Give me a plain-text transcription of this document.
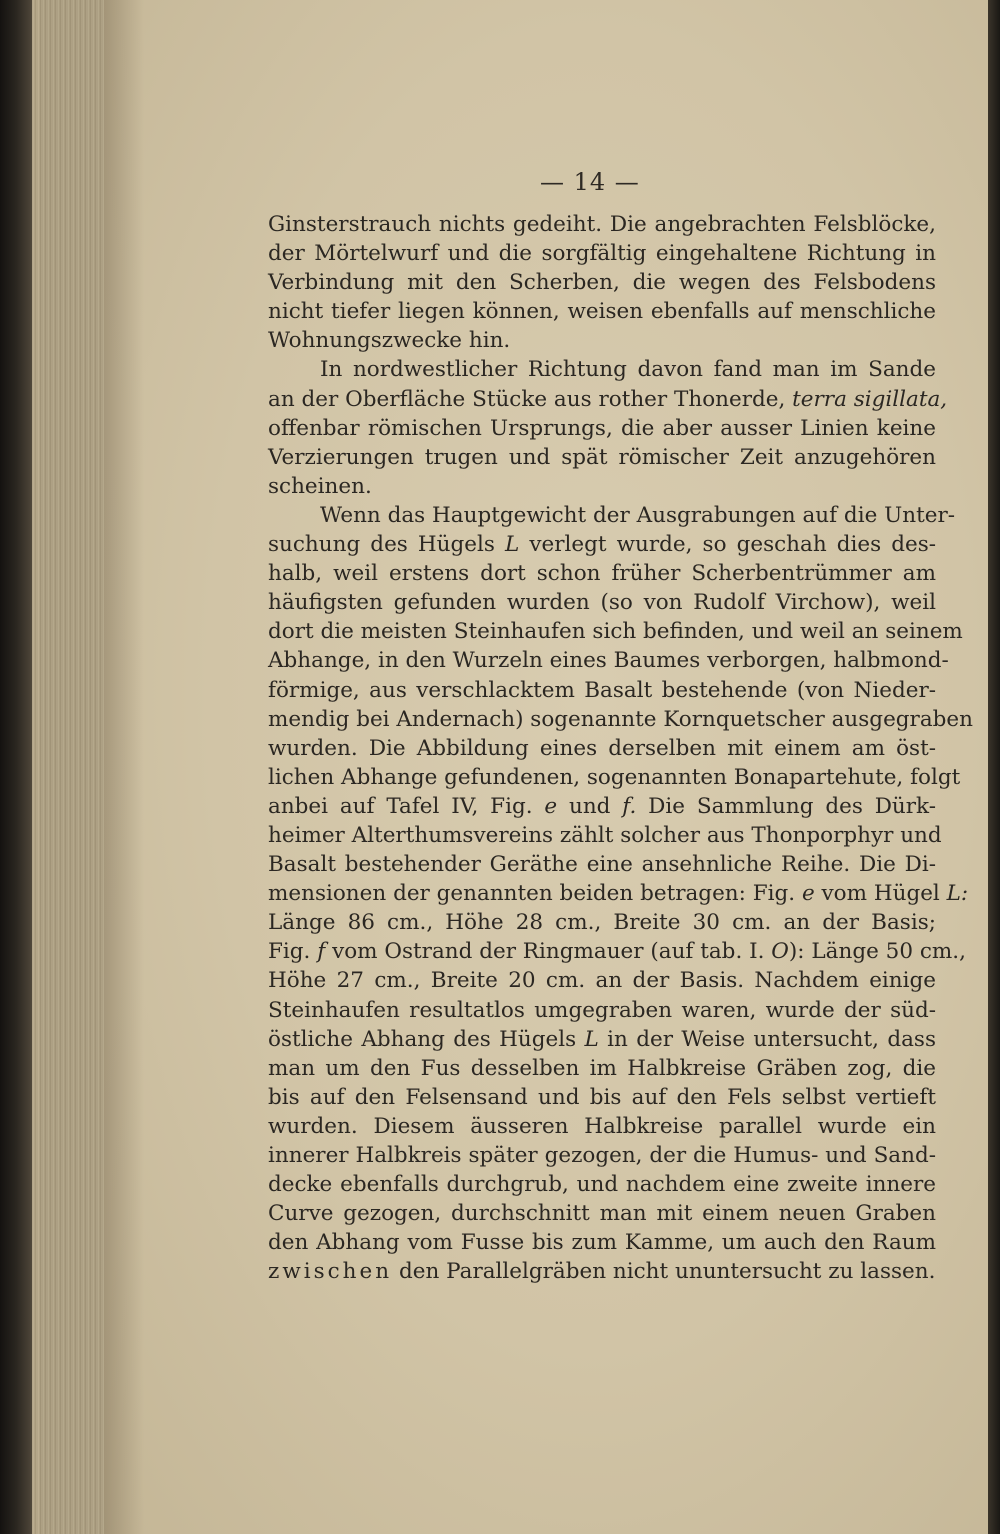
— 14 —
Ginsterstrauch nichts gedeiht. Die angebrachten Felsblöcke,
der Mörtelwurf und die sorgfältig eingehaltene Richtung in
Verbindung mit den Scherben, die wegen des Felsbodens
nicht tiefer liegen können, weisen ebenfalls auf menschliche
Wohnungszwecke hin.
In nordwestlicher Richtung davon fand man im Sande
an der Oberfläche Stücke aus rother Thonerde, terra sigillata,
offenbar römischen Ursprungs, die aber ausser Linien keine
Verzierungen trugen und spät römischer Zeit anzugehören
scheinen.
Wenn das Hauptgewicht der Ausgrabungen auf die Unter-
suchung des Hügels L verlegt wurde, so geschah dies des-
halb, weil erstens dort schon früher Scherbentrümmer am
häufigsten gefunden wurden (so von Rudolf Virchow), weil
dort die meisten Steinhaufen sich befinden, und weil an seinem
Abhange, in den Wurzeln eines Baumes verborgen, halbmond-
förmige, aus verschlacktem Basalt bestehende (von Nieder-
mendig bei Andernach) sogenannte Kornquetscher ausgegraben
wurden. Die Abbildung eines derselben mit einem am öst-
lichen Abhange gefundenen, sogenannten Bonapartehute, folgt
anbei auf Tafel IV, Fig. e und f. Die Sammlung des Dürk-
heimer Alterthumsvereins zählt solcher aus Thonporphyr und
Basalt bestehender Geräthe eine ansehnliche Reihe. Die Di-
mensionen der genannten beiden betragen: Fig. e vom Hügel L:
Länge 86 cm., Höhe 28 cm., Breite 30 cm. an der Basis;
Fig. f vom Ostrand der Ringmauer (auf tab. I. O): Länge 50 cm.,
Höhe 27 cm., Breite 20 cm. an der Basis. Nachdem einige
Steinhaufen resultatlos umgegraben waren, wurde der süd-
östliche Abhang des Hügels L in der Weise untersucht, dass
man um den Fus desselben im Halbkreise Gräben zog, die
bis auf den Felsensand und bis auf den Fels selbst vertieft
wurden. Diesem äusseren Halbkreise parallel wurde ein
innerer Halbkreis später gezogen, der die Humus- und Sand-
decke ebenfalls durchgrub, und nachdem eine zweite innere
Curve gezogen, durchschnitt man mit einem neuen Graben
den Abhang vom Fusse bis zum Kamme, um auch den Raum
zwischen den Parallelgräben nicht ununtersucht zu lassen.
